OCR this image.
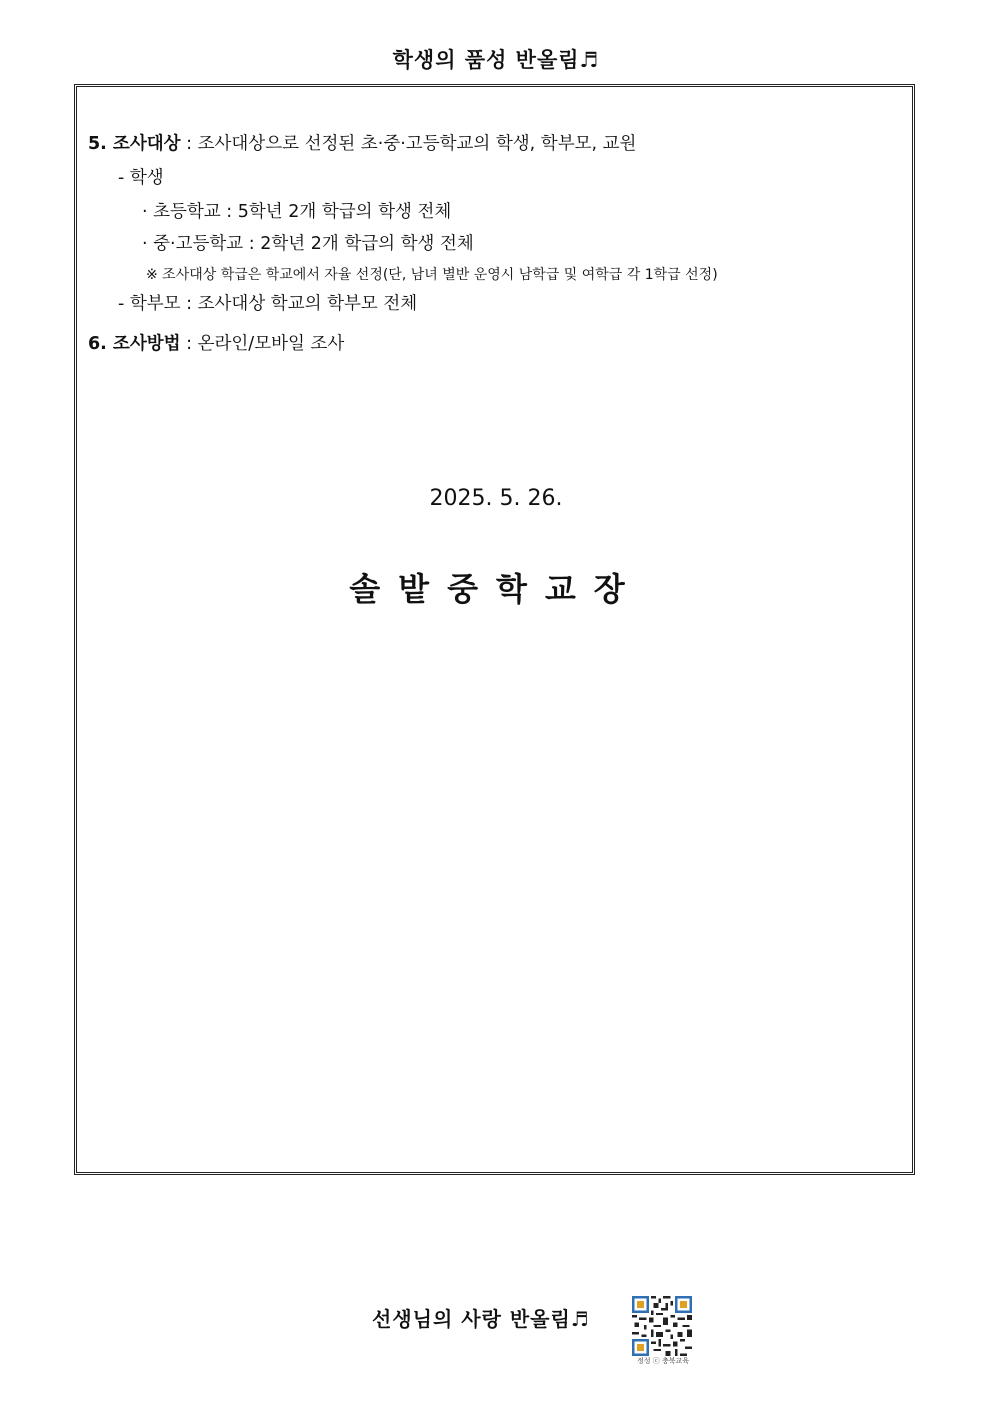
학생의 품성 반올림♬
5. 조사대상 : 조사대상으로 선정된 초·중·고등학교의 학생, 학부모, 교원
- 학생
· 초등학교 : 5학년 2개 학급의 학생 전체
· 중·고등학교 : 2학년 2개 학급의 학생 전체
※ 조사대상 학급은 학교에서 자율 선정(단, 남녀 별반 운영시 남학급 및 여학급 각 1학급 선정)
- 학부모 : 조사대상 학교의 학부모 전체
6. 조사방법 : 온라인/모바일 조사
2025. 5. 26.
솔밭중학교장
선생님의 사랑 반올림♬
정성 ⓒ 충북교육
